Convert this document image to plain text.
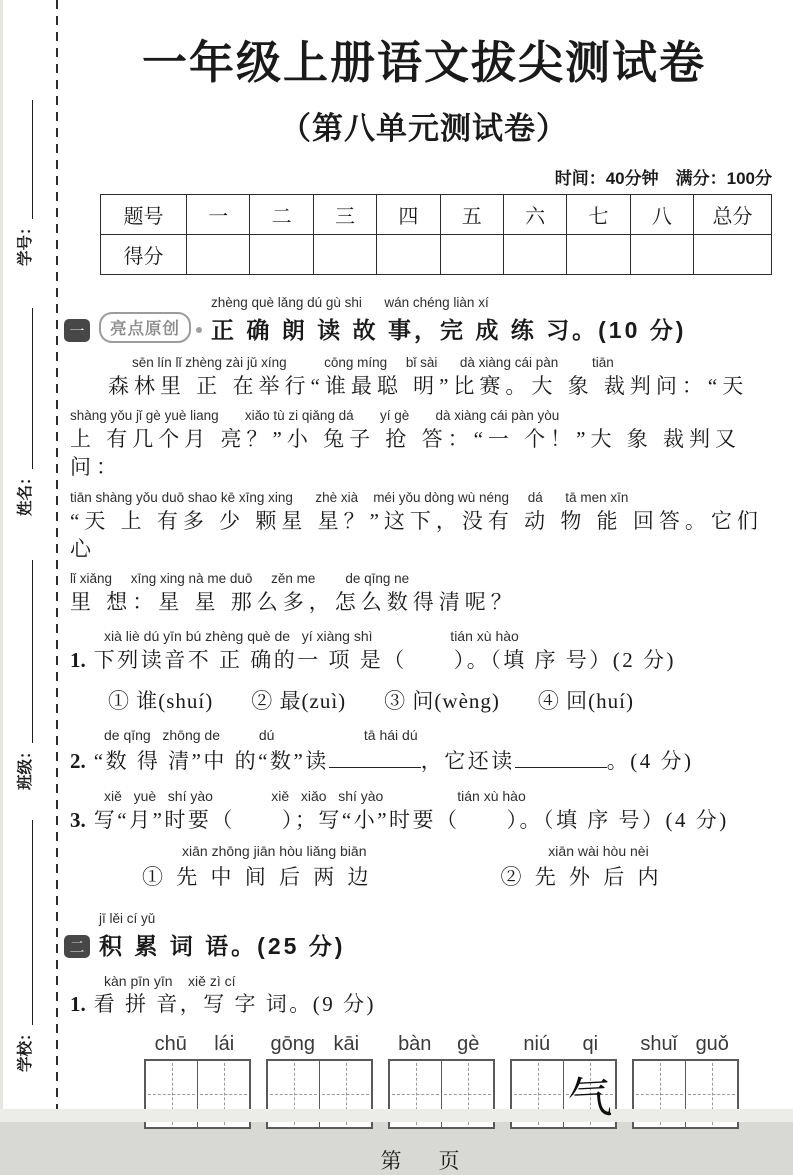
学号：
姓名：
班级：
学校：
一年级上册语文拔尖测试卷
（第八单元测试卷）
时间：40分钟　满分：100分
题号	一	二	三	四	五	六	七	八	总分
得分									
一	亮点原创
zhèng què lǎng dú gù shi      wán chéng liàn xí
正 确 朗 读 故 事，完 成 练 习。(10 分)
sēn lín lǐ zhèng zài jǔ xíng          cōng míng     bǐ sài      dà xiàng cái pàn         tiān
森林里 正 在举行“谁最聪 明”比赛。大 象 裁判问：“天
shàng yǒu jǐ gè yuè liang       xiǎo tù zi qiǎng dá       yí gè       dà xiàng cái pàn yòu
上 有几个月 亮？”小 兔子 抢 答：“一 个！”大 象 裁判又问：
tiān shàng yǒu duō shao kē xīng xing      zhè xià    méi yǒu dòng wù néng     dá      tā men xīn
“天 上 有多 少 颗星 星？”这下，没有 动 物 能 回答。它们心
lǐ xiǎng     xīng xing nà me duō     zěn me        de qīng ne
里 想：星 星 那么多，怎么数得清呢？
xià liè dú yīn bú zhèng què de   yí xiàng shì                    tián xù hào
1. 下列读音不 正 确的一 项 是（　　）。（填 序 号）(2 分)
① 谁(shuí) ② 最(zuì) ③ 问(wèng) ④ 回(huí)
de qīng   zhōng de          dú                       tā hái dú
2. “数 得 清”中 的“数”读	，它还读	。(4 分)
xiě   yuè   shí yào               xiě   xiǎo   shí yào                   tián xù hào
3. 写“月”时要（　　）；写“小”时要（　　）。（填 序 号）(4 分)
xiān zhōng jiān hòu liǎng biān
① 先 中 间 后 两 边
xiān wài hòu nèi
② 先 外 后 内
二
jī lěi cí yǔ
积 累 词 语。(25 分)
kàn pīn yīn    xiě zì cí
1. 看 拼 音，写 字 词。(9 分)
chū	lái	gōng kāi	bàn	gè	niú	qi
气
shuǐ guǒ
第　页
